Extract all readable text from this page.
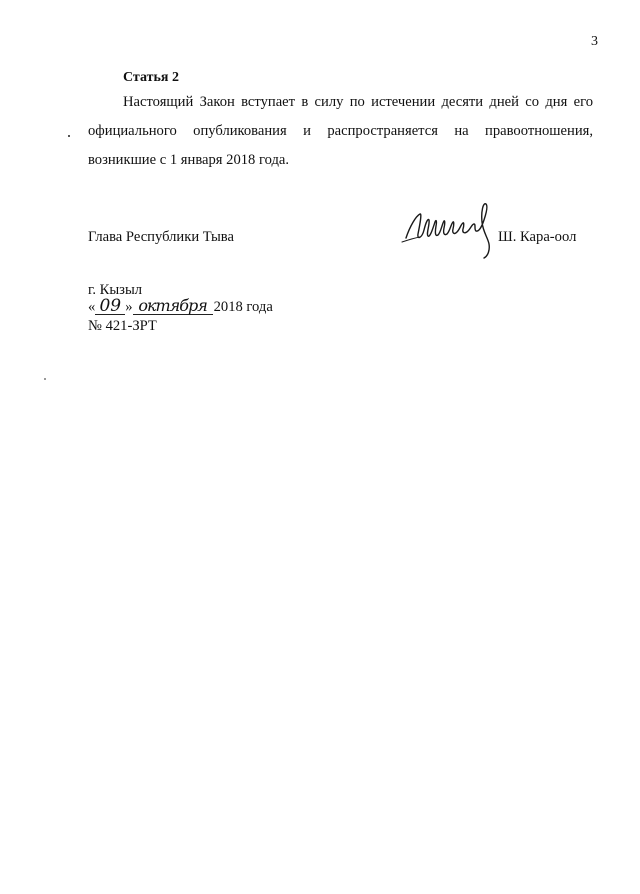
3
Статья 2

Настоящий Закон вступает в силу по истечении десяти дней со дня его официального опубликования и распространяется на правоотношения, возникшие с 1 января 2018 года.

Глава Республики Тыва	Ш. Кара-оол
г. Кызыл
« 09 » октября 2018 года
№ 421-ЗРТ
